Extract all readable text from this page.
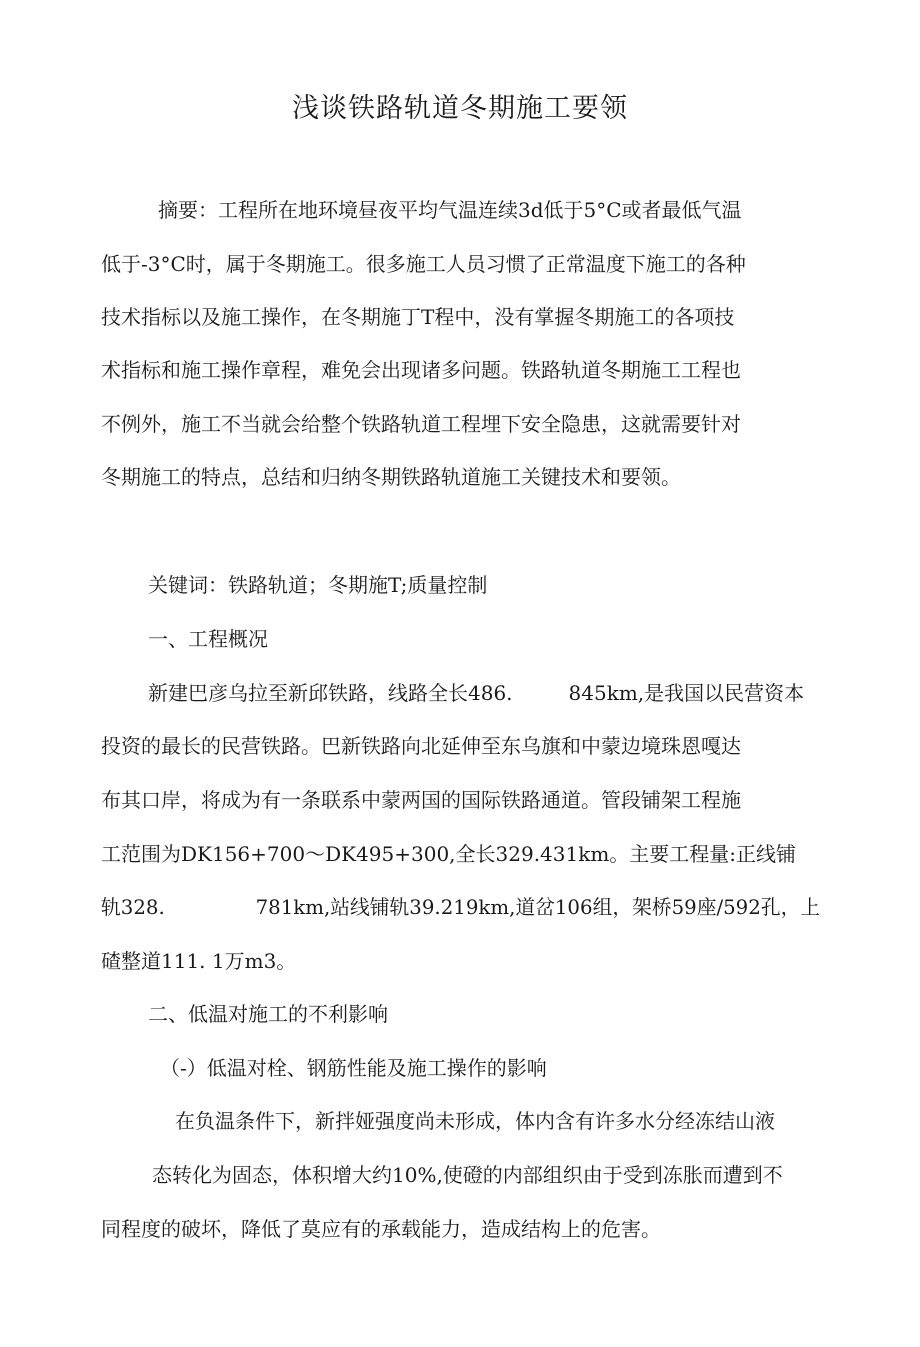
浅谈铁路轨道冬期施工要领
摘要：工程所在地环境昼夜平均气温连续3d低于5°C或者最低气温
低于-3°C时，属于冬期施工。很多施工人员习惯了正常温度下施工的各种
技术指标以及施工操作，在冬期施丁T程中，没有掌握冬期施工的各项技
术指标和施工操作章程，难免会出现诸多问题。铁路轨道冬期施工工程也
不例外，施工不当就会给整个铁路轨道工程埋下安全隐患，这就需要针对
冬期施工的特点，总结和归纳冬期铁路轨道施工关键技术和要领。
关键词：铁路轨道；冬期施T;质量控制
一、工程概况
新建巴彦乌拉至新邱铁路，线路全长486.	845km,是我国以民营资本
投资的最长的民营铁路。巴新铁路向北延伸至东乌旗和中蒙边境珠恩嘎达
布其口岸，将成为有一条联系中蒙两国的国际铁路通道。管段铺架工程施
工范围为DK156+700～DK495+300,全长329.431km。主要工程量:正线铺
轨328.	781km,站线铺轨39.219km,道岔106组，架桥59座/592孔，上
碴整道111. 1万m3。
二、低温对施工的不利影响
（-）低温对栓、钢筋性能及施工操作的影响
在负温条件下，新拌娅强度尚未形成，体内含有许多水分经冻结山液
态转化为固态，体积增大约10%,使磴的内部组织由于受到冻胀而遭到不
同程度的破坏，降低了莫应有的承载能力，造成结构上的危害。
